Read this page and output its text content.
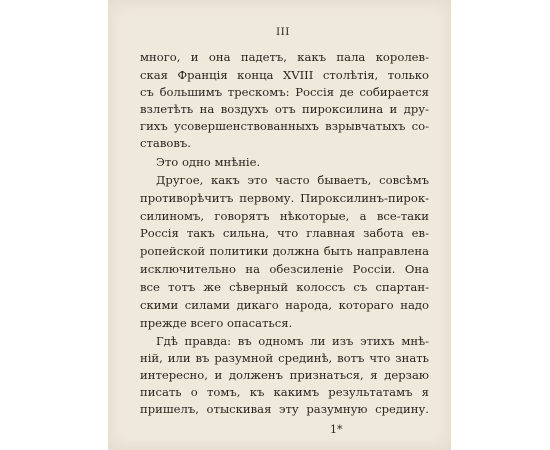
III
много, и она падетъ, какъ пала королев-
ская Францiя конца XVIII столѣтiя, только
съ большимъ трескомъ: Россiя де собирается
взлетѣть на воздухъ отъ пироксилина и дру-
гихъ усовершенствованныхъ взрывчатыхъ со-
ставовъ.
Это одно мнѣнiе.
Другое, какъ это часто бываетъ, совсѣмъ
противорѣчитъ первому. Пироксилинъ-пирок-
силиномъ, говорятъ нѣкоторые, а все-таки
Россiя такъ сильна, что главная забота ев-
ропейской политики должна быть направлена
исключительно на обезсиленiе Россiи. Она
все тотъ же сѣверный колоссъ съ спартан-
скими силами дикаго народа, котораго надо
прежде всего опасаться.
Гдѣ правда: въ одномъ ли изъ этихъ мнѣ-
нiй, или въ разумной срединѣ, вотъ что знать
интересно, и долженъ признаться, я дерзаю
писать о томъ, къ какимъ результатамъ я
пришелъ, отыскивая эту разумную средину.
1*
